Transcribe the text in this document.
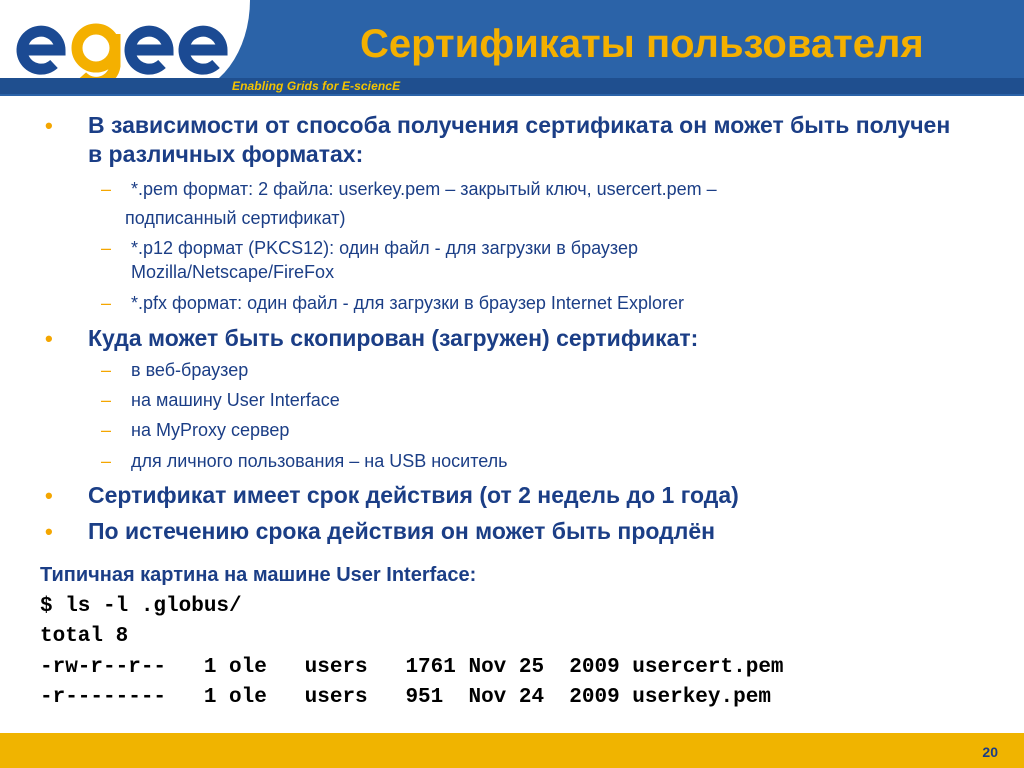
Enabling Grids for E-sciencE
Сертификаты пользователя
• В зависимости от способа получения сертификата он может быть получен в различных форматах:
– *.pem формат: 2 файла: userkey.pem – закрытый ключ, usercert.pem –
подписанный сертификат)
– *.p12 формат (PKCS12): один файл - для загрузки в браузер
Mozilla/Netscape/FireFox
– *.pfx формат: один файл - для загрузки в браузер Internet Explorer
• Куда может быть скопирован (загружен) сертификат:
– в веб-браузер
– на машину User Interface
– на MyProxy сервер
– для личного пользования – на USB носитель
• Сертификат имеет срок действия (от 2 недель до 1 года)
• По истечению срока действия он может быть продлён
Типичная картина на машине User Interface:
$ ls -l .globus/
total 8
-rw-r--r--   1 ole   users   1761 Nov 25  2009 usercert.pem
-r--------   1 ole   users   951  Nov 24  2009 userkey.pem
20
